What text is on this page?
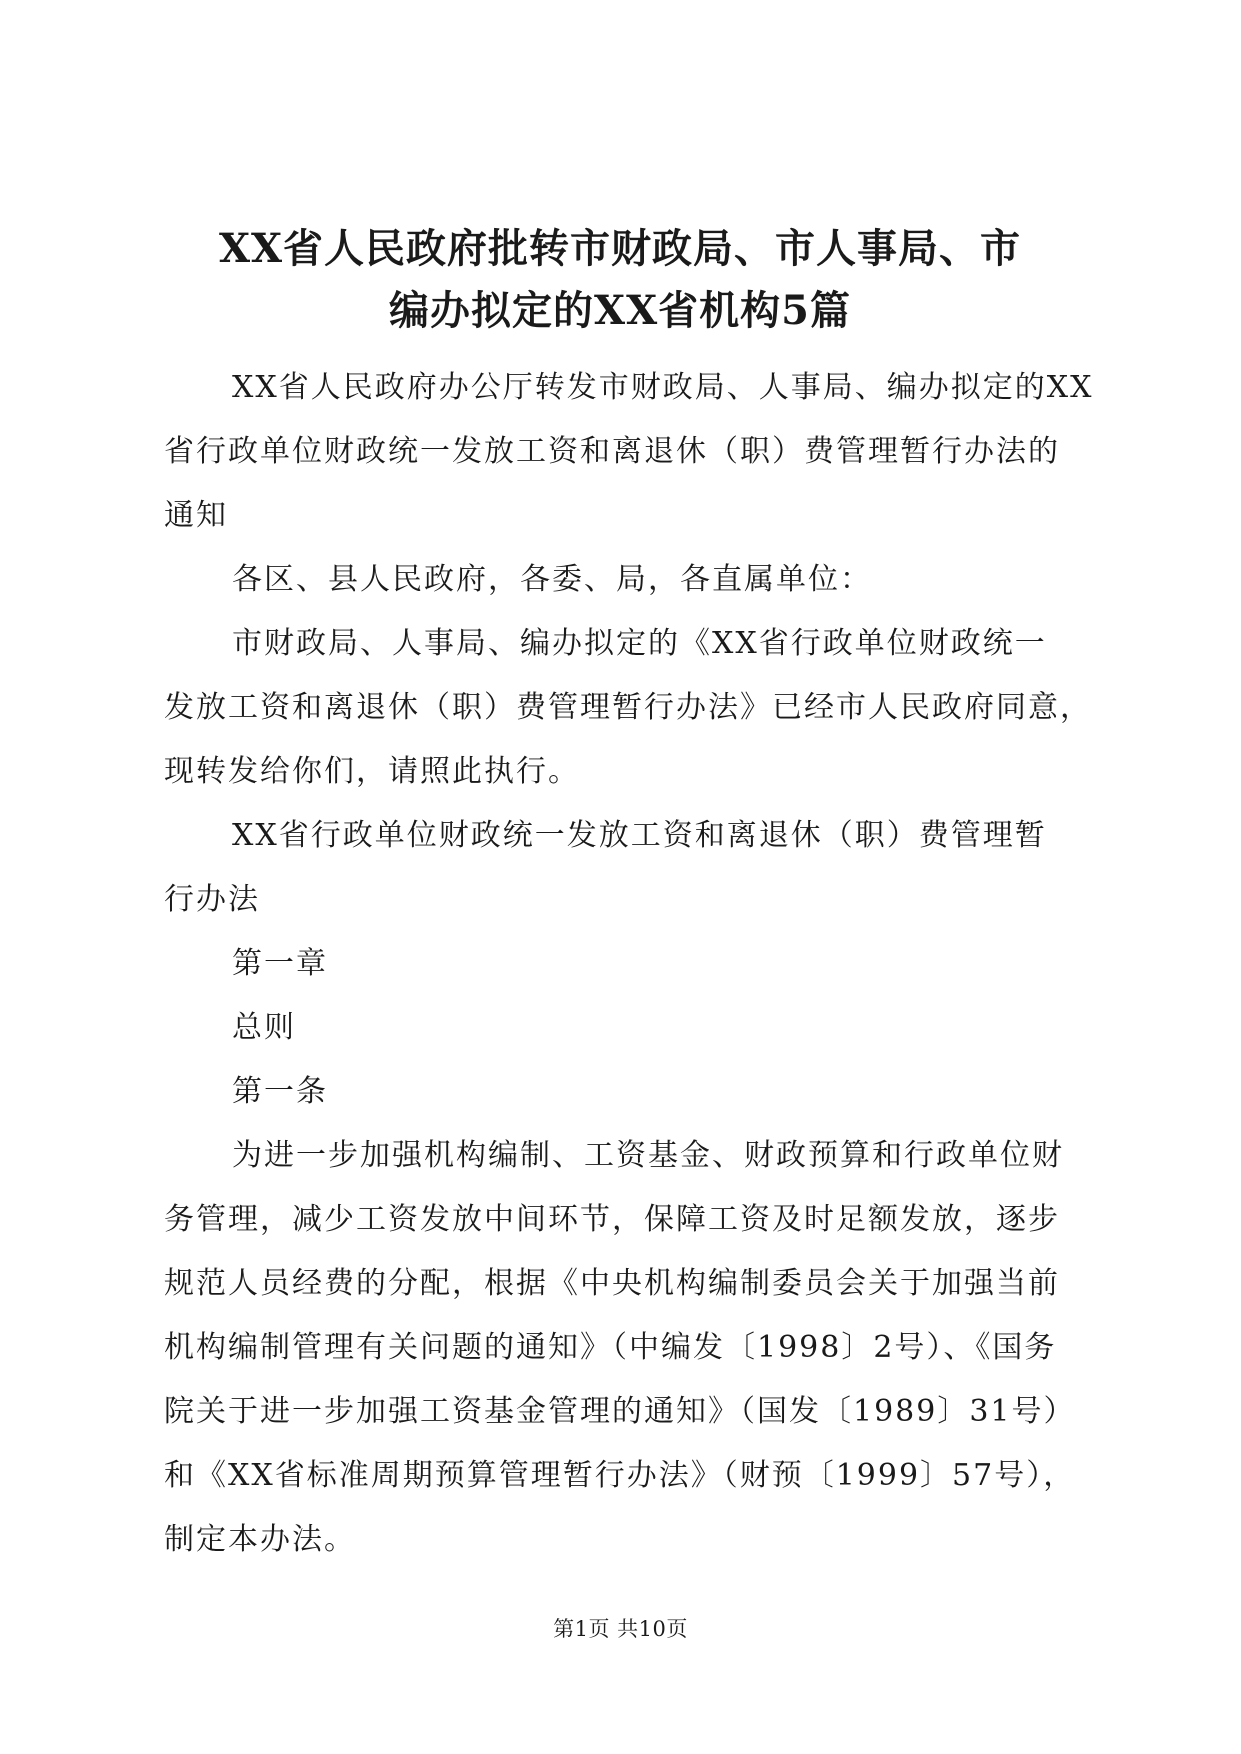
XX省人民政府批转市财政局、市人事局、市
编办拟定的XX省机构5篇
XX省人民政府办公厅转发市财政局、人事局、编办拟定的XX
省行政单位财政统一发放工资和离退休（职）费管理暂行办法的
通知
各区、县人民政府，各委、局，各直属单位：
市财政局、人事局、编办拟定的《XX省行政单位财政统一
发放工资和离退休（职）费管理暂行办法》已经市人民政府同意，
现转发给你们，请照此执行。
XX省行政单位财政统一发放工资和离退休（职）费管理暂
行办法
第一章
总则
第一条
为进一步加强机构编制、工资基金、财政预算和行政单位财
务管理，减少工资发放中间环节，保障工资及时足额发放，逐步
规范人员经费的分配，根据《中央机构编制委员会关于加强当前
机构编制管理有关问题的通知》（中编发〔1998〕2号）、《国务
院关于进一步加强工资基金管理的通知》（国发〔1989〕31号）
和《XX省标准周期预算管理暂行办法》（财预〔1999〕57号），
制定本办法。
第1页 共10页
